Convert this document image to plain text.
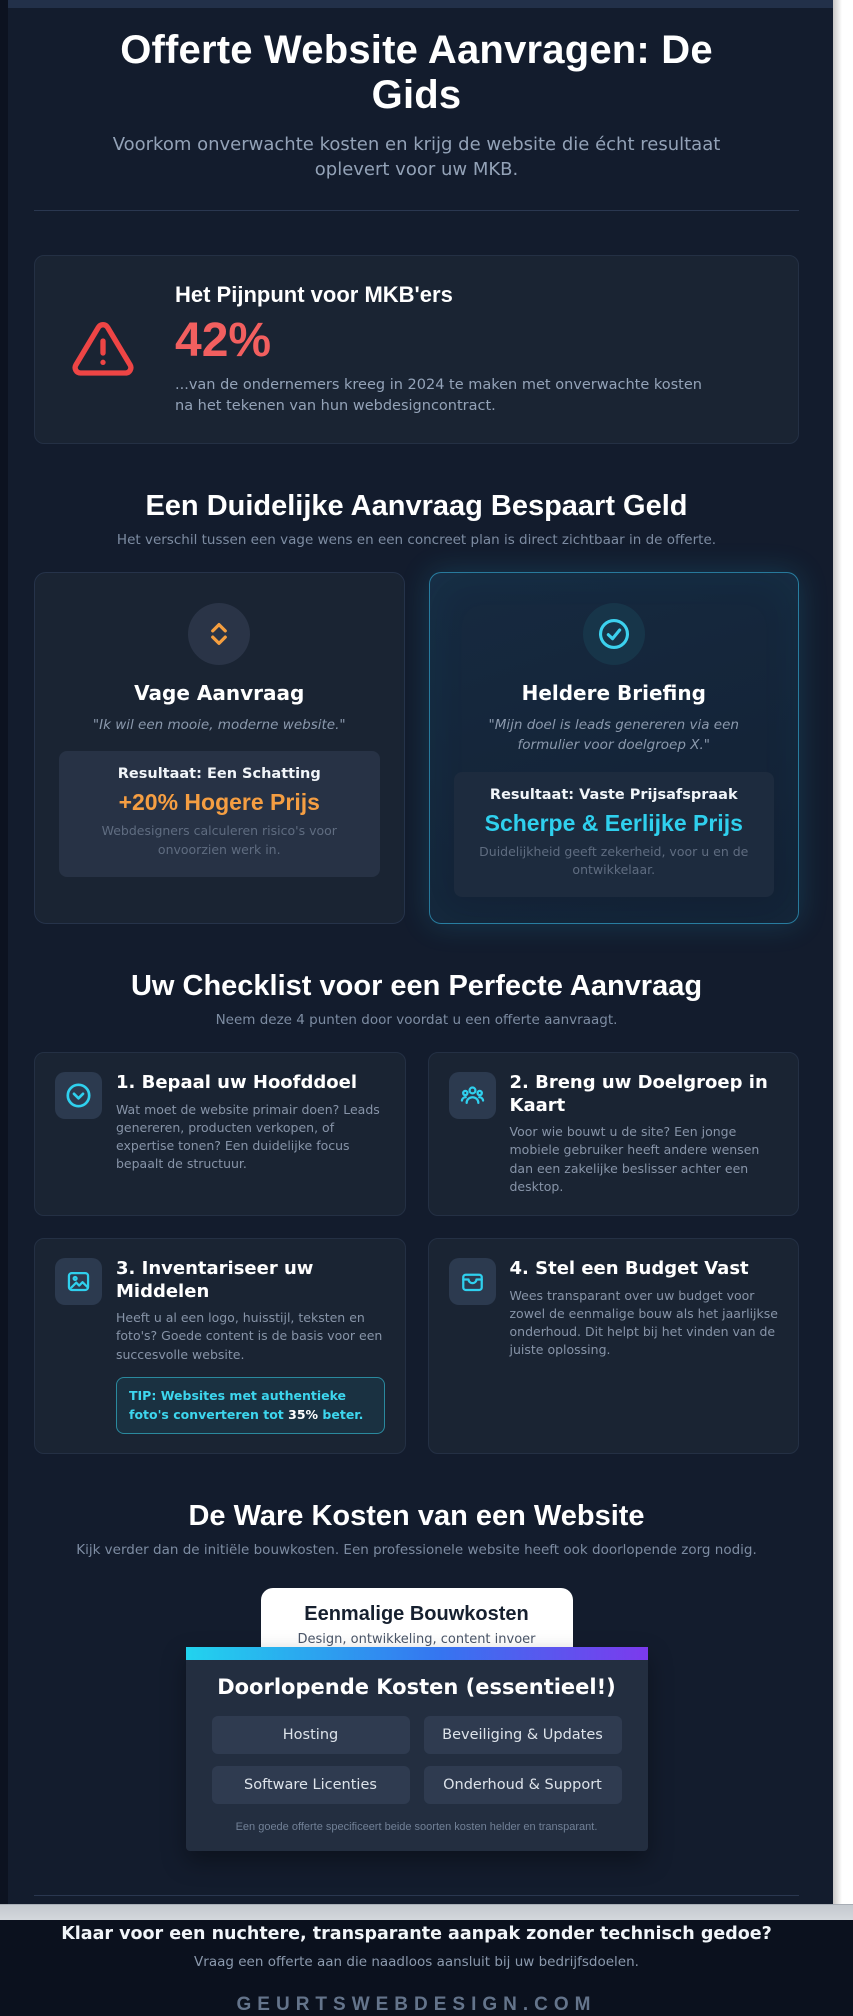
Offerte Website Aanvragen: De Gids

Voorkom onverwachte kosten en krijg de website die écht resultaat oplevert voor uw MKB.

Het Pijnpunt voor MKB'ers
42%

...van de ondernemers kreeg in 2024 te maken met onverwachte kosten na het tekenen van hun webdesigncontract.

Een Duidelijke Aanvraag Bespaart Geld

Het verschil tussen een vage wens en een concreet plan is direct zichtbaar in de offerte.

Vage Aanvraag

"Ik wil een mooie, moderne website."

Resultaat: Een Schatting
+20% Hogere Prijs

Webdesigners calculeren risico's voor onvoorzien werk in.

Heldere Briefing

"Mijn doel is leads genereren via een formulier voor doelgroep X."

Resultaat: Vaste Prijsafspraak
Scherpe & Eerlijke Prijs

Duidelijkheid geeft zekerheid, voor u en de ontwikkelaar.

Uw Checklist voor een Perfecte Aanvraag

Neem deze 4 punten door voordat u een offerte aanvraagt.

1. Bepaal uw Hoofddoel

Wat moet de website primair doen? Leads genereren, producten verkopen, of expertise tonen? Een duidelijke focus bepaalt de structuur.

2. Breng uw Doelgroep in Kaart

Voor wie bouwt u de site? Een jonge mobiele gebruiker heeft andere wensen dan een zakelijke beslisser achter een desktop.

3. Inventariseer uw Middelen

Heeft u al een logo, huisstijl, teksten en foto's? Goede content is de basis voor een succesvolle website.

TIP: Websites met authentieke foto's converteren tot 35% beter.
4. Stel een Budget Vast

Wees transparant over uw budget voor zowel de eenmalige bouw als het jaarlijkse onderhoud. Dit helpt bij het vinden van de juiste oplossing.

De Ware Kosten van een Website

Kijk verder dan de initiële bouwkosten. Een professionele website heeft ook doorlopende zorg nodig.

Eenmalige Bouwkosten

Design, ontwikkeling, content invoer

Doorlopende Kosten (essentieel!)
Hosting	Beveiliging & Updates
Software Licenties	Onderhoud & Support

Een goede offerte specificeert beide soorten kosten helder en transparant.

Klaar voor een nuchtere, transparante aanpak zonder technisch gedoe?

Vraag een offerte aan die naadloos aansluit bij uw bedrijfsdoelen.

GEURTSWEBDESIGN.COM
